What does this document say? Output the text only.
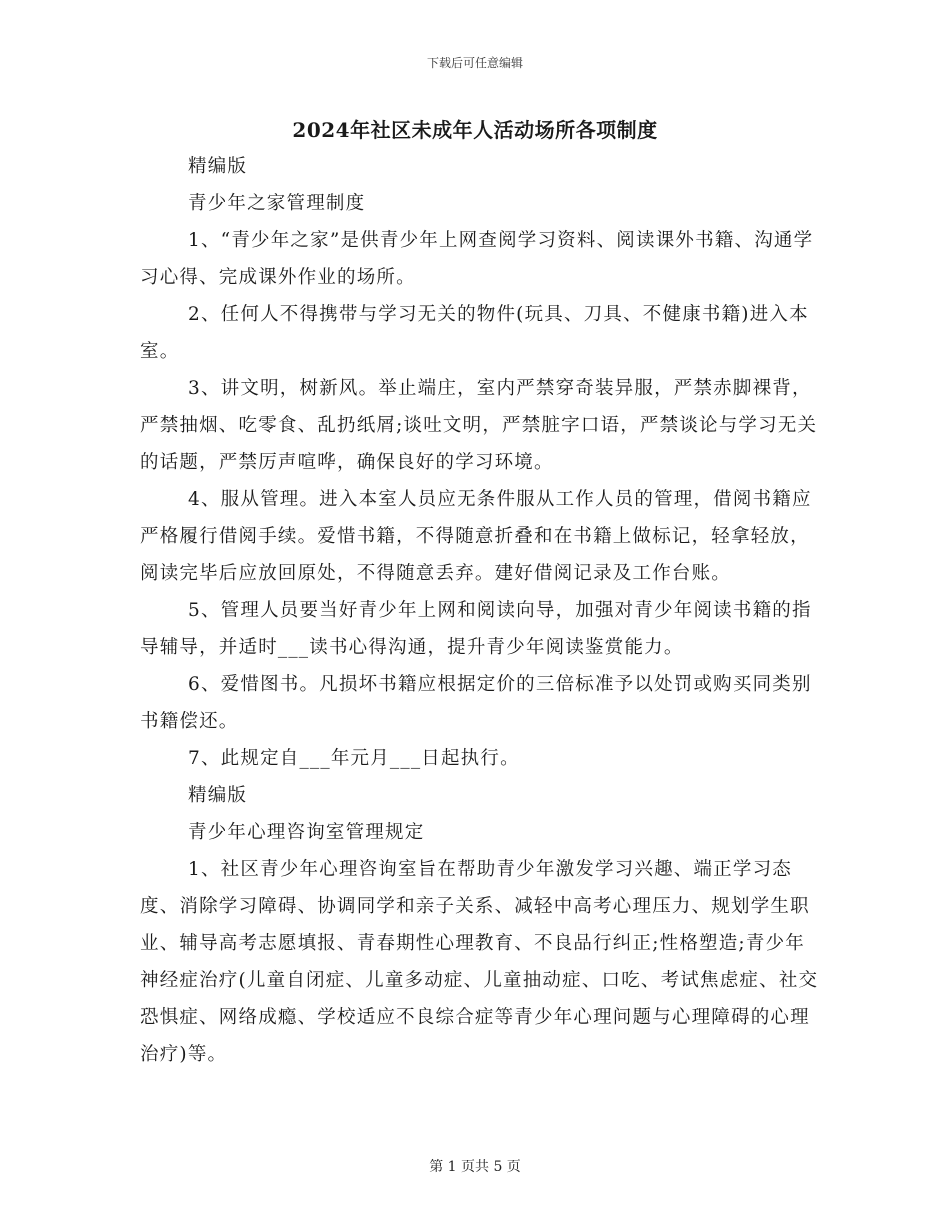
下载后可任意编辑
2024年社区未成年人活动场所各项制度

精编版

青少年之家管理制度

1、“青少年之家”是供青少年上网查阅学习资料、阅读课外书籍、沟通学习心得、完成课外作业的场所。

2、任何人不得携带与学习无关的物件(玩具、刀具、不健康书籍)进入本室。

3、讲文明，树新风。举止端庄，室内严禁穿奇装异服，严禁赤脚裸背，严禁抽烟、吃零食、乱扔纸屑;谈吐文明，严禁脏字口语，严禁谈论与学习无关的话题，严禁厉声喧哗，确保良好的学习环境。

4、服从管理。进入本室人员应无条件服从工作人员的管理，借阅书籍应严格履行借阅手续。爱惜书籍，不得随意折叠和在书籍上做标记，轻拿轻放，阅读完毕后应放回原处，不得随意丢弃。建好借阅记录及工作台账。

5、管理人员要当好青少年上网和阅读向导，加强对青少年阅读书籍的指导辅导，并适时___读书心得沟通，提升青少年阅读鉴赏能力。

6、爱惜图书。凡损坏书籍应根据定价的三倍标准予以处罚或购买同类别书籍偿还。

7、此规定自___年元月___日起执行。

精编版

青少年心理咨询室管理规定

1、社区青少年心理咨询室旨在帮助青少年激发学习兴趣、端正学习态度、消除学习障碍、协调同学和亲子关系、减轻中高考心理压力、规划学生职业、辅导高考志愿填报、青春期性心理教育、不良品行纠正;性格塑造;青少年神经症治疗(儿童自闭症、儿童多动症、儿童抽动症、口吃、考试焦虑症、社交恐惧症、网络成瘾、学校适应不良综合症等青少年心理问题与心理障碍的心理治疗)等。

第 1 页共 5 页
